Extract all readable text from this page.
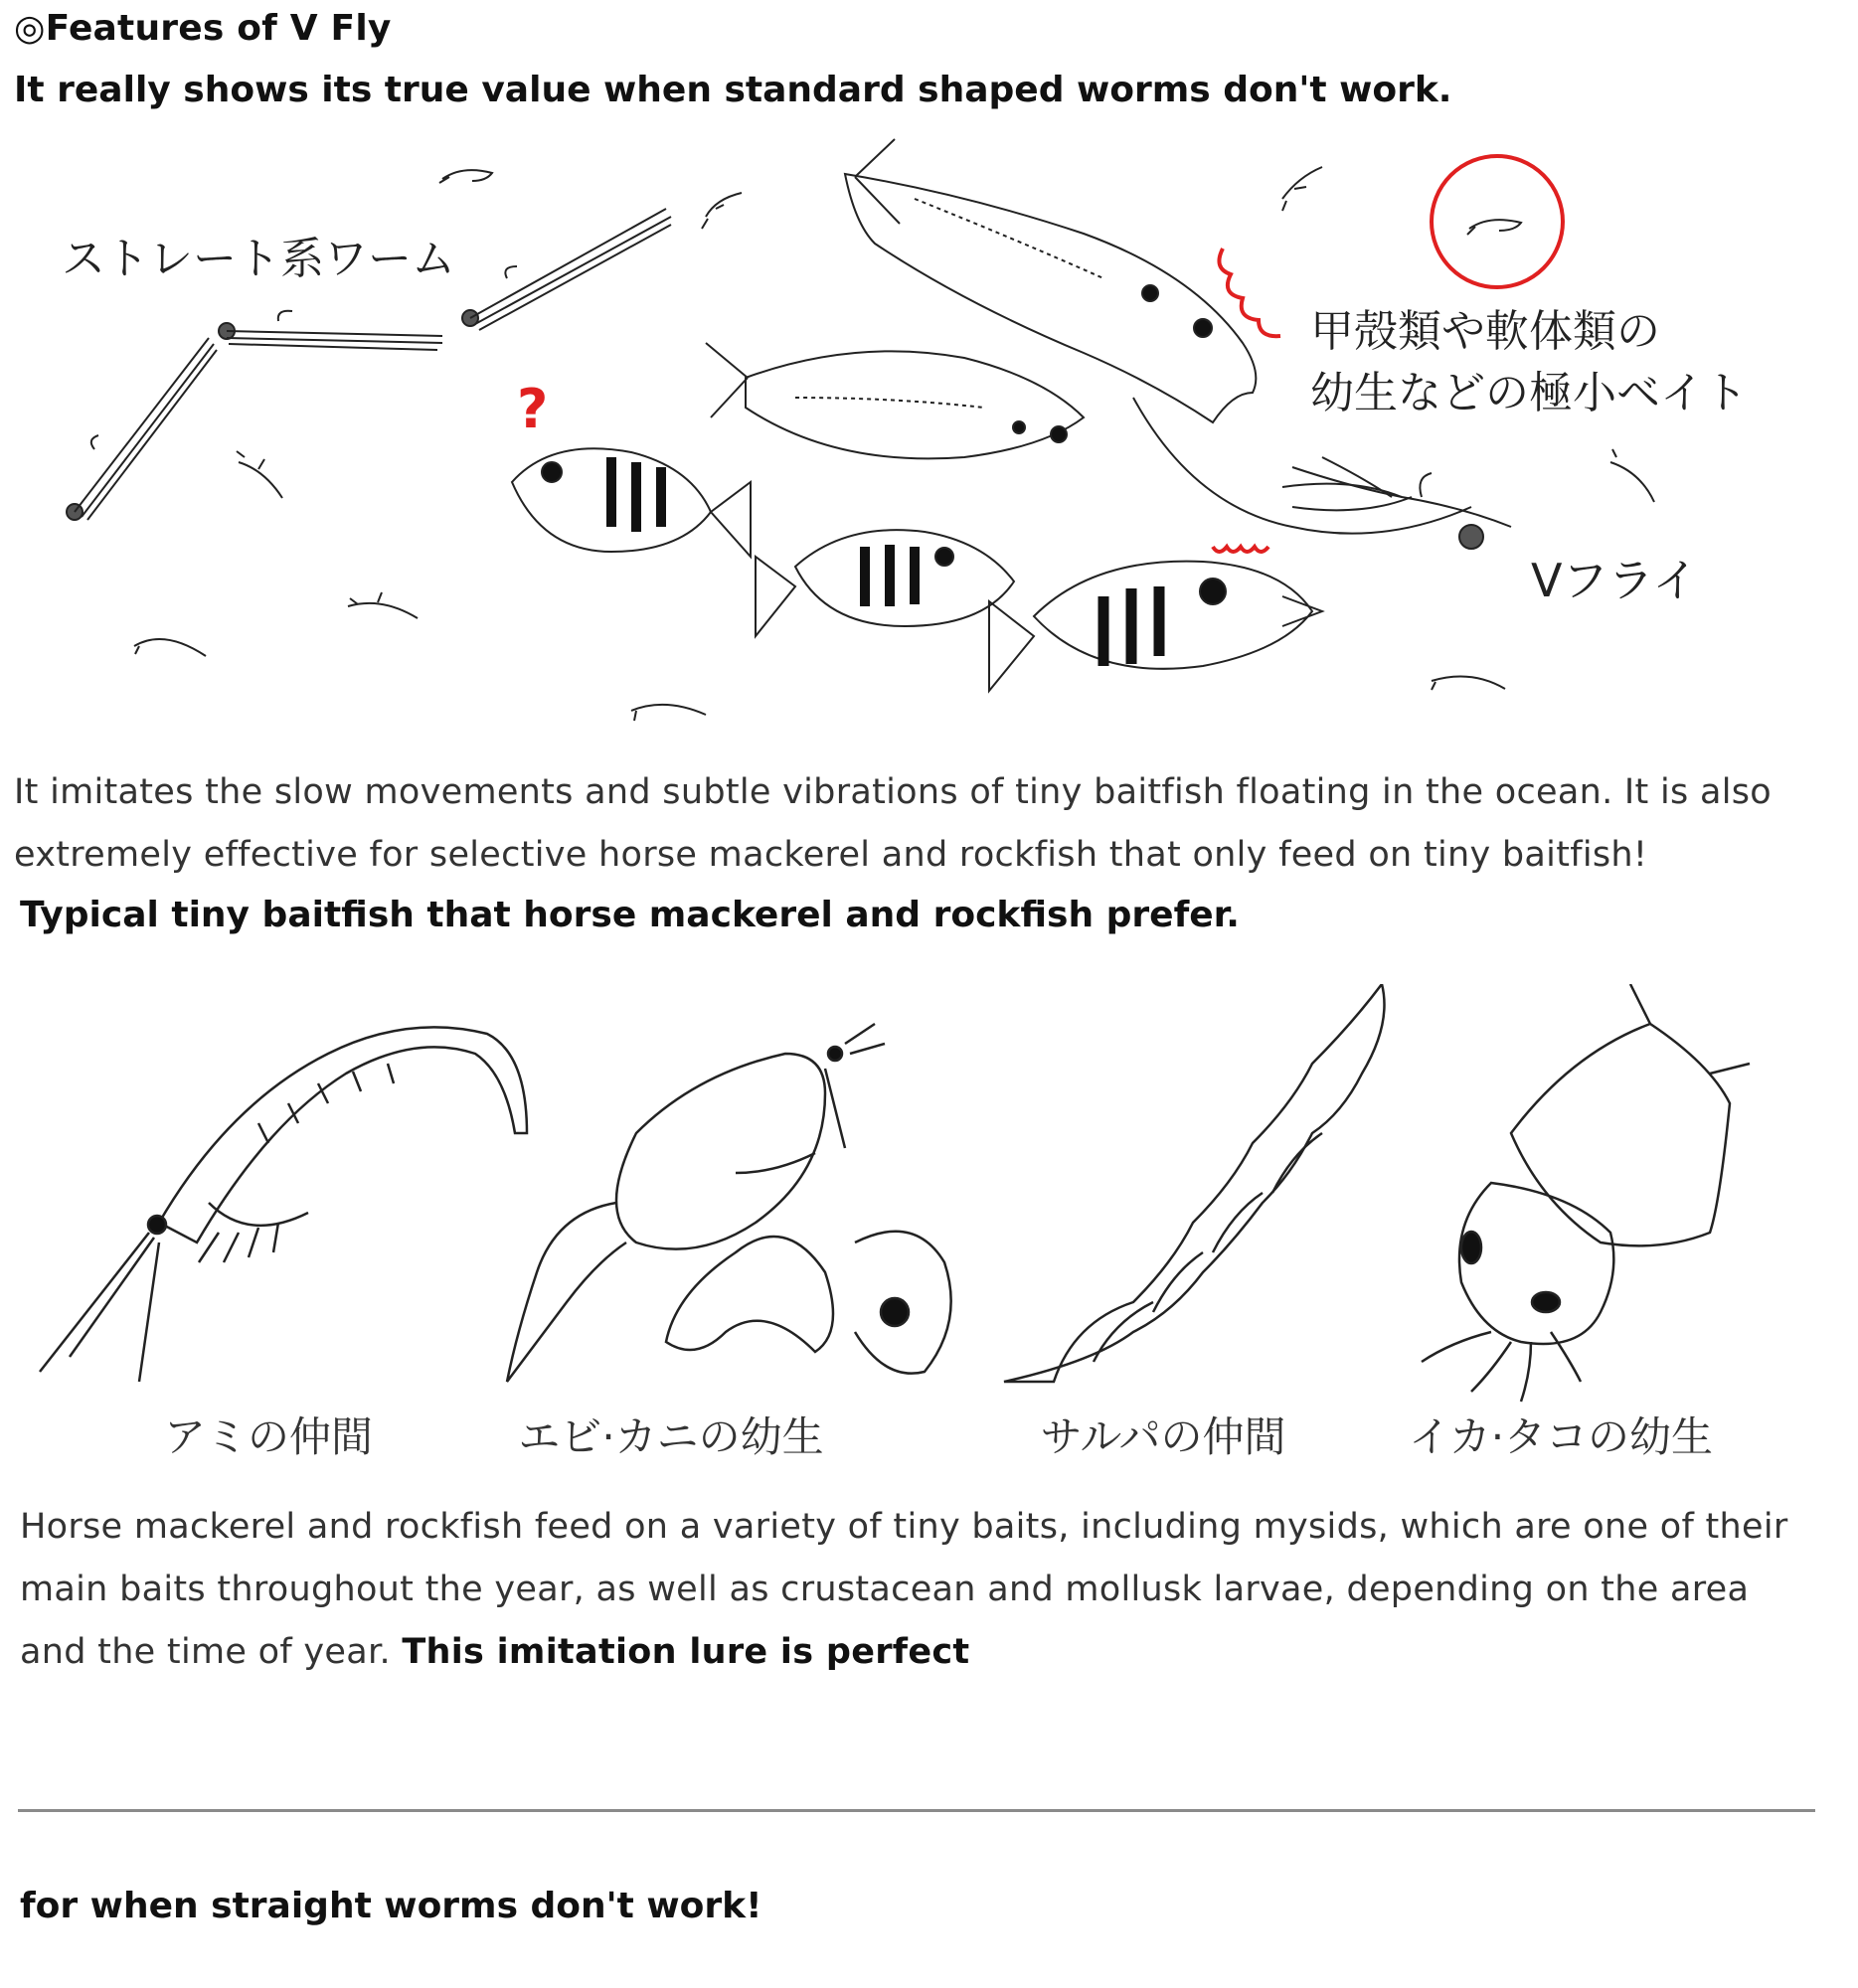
◎Features of V Fly
It really shows its true value when standard shaped worms don't work.
?
ストレート系ワーム
甲殻類や軟体類の
幼生などの極小ベイト
Vフライ
It imitates the slow movements and subtle vibrations of tiny baitfish floating in the ocean. It is also extremely effective for selective horse mackerel and rockfish that only feed on tiny baitfish!
Typical tiny baitfish that horse mackerel and rockfish prefer.
アミの仲間	エビ·カニの幼生	サルパの仲間	イカ·タコの幼生
Horse mackerel and rockfish feed on a variety of tiny baits, including mysids, which are one of their main baits throughout the year, as well as crustacean and mollusk larvae, depending on the area and the time of year. This imitation lure is perfect
for when straight worms don't work!
